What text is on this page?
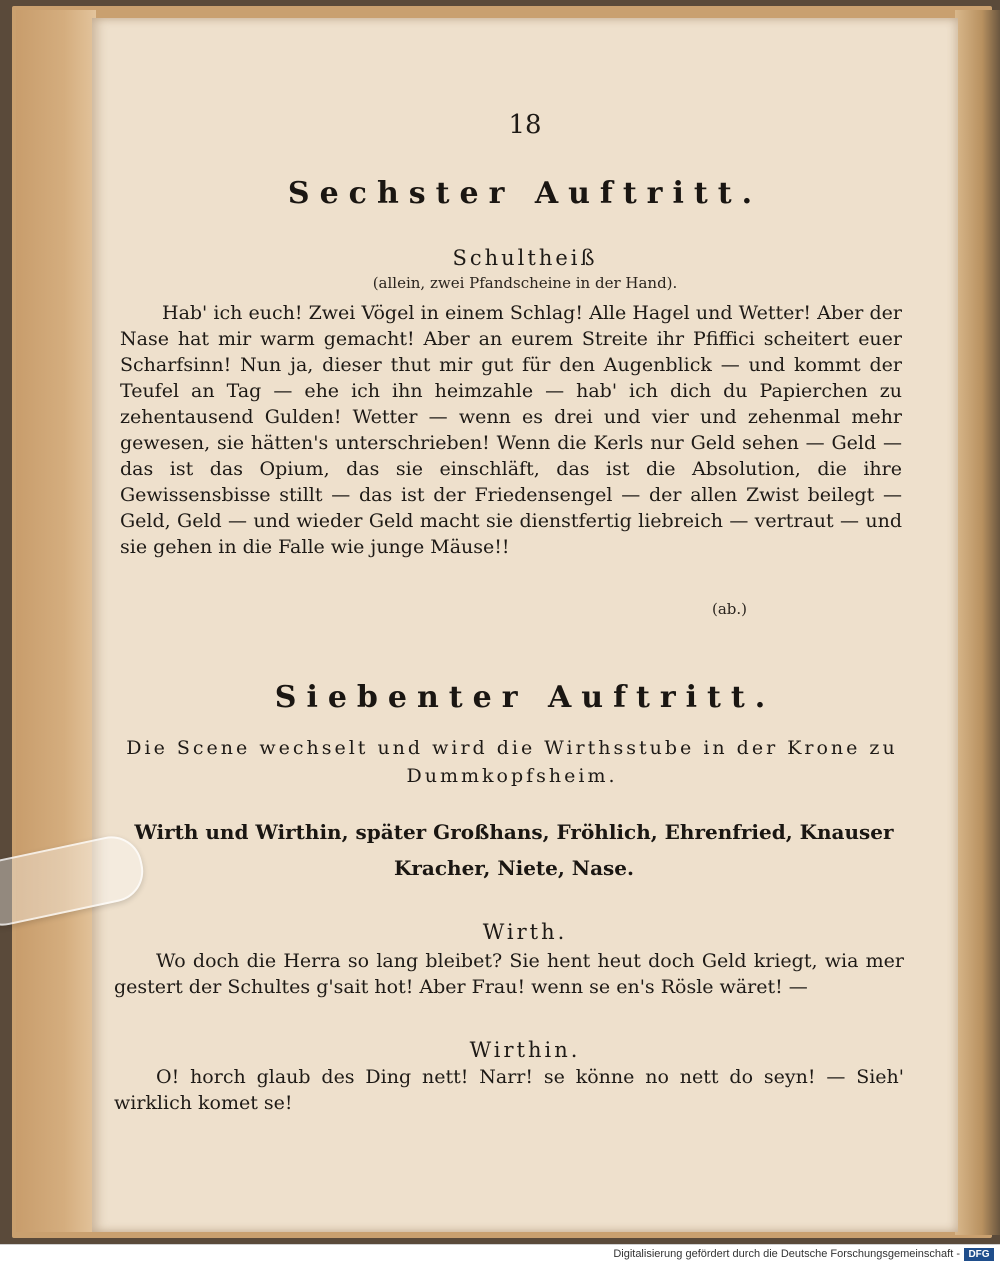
18
Sechster Auftritt.
Schultheiß
(allein, zwei Pfandscheine in der Hand).
Hab' ich euch! Zwei Vögel in einem Schlag! Alle Hagel und Wetter! Aber der Nase hat mir warm gemacht! Aber an eurem Streite ihr Pfiffici scheitert euer Scharfsinn! Nun ja, dieser thut mir gut für den Augenblick — und kommt der Teufel an Tag — ehe ich ihn heimzahle — hab' ich dich du Papierchen zu zehentausend Gulden! Wetter — wenn es drei und vier und zehenmal mehr gewesen, sie hätten's unterschrieben! Wenn die Kerls nur Geld sehen — Geld — das ist das Opium, das sie einschläft, das ist die Absolution, die ihre Gewissensbisse stillt — das ist der Friedensengel — der allen Zwist beilegt — Geld, Geld — und wieder Geld macht sie dienstfertig liebreich — vertraut — und sie gehen in die Falle wie junge Mäuse!!
(ab.)
Siebenter Auftritt.
Die Scene wechselt und wird die Wirthsstube in der Krone zu Dummkopfsheim.
Wirth und Wirthin, später Großhans, Fröhlich, Ehrenfried, Knauser Kracher, Niete, Nase.
Wirth.
Wo doch die Herra so lang bleibet? Sie hent heut doch Geld kriegt, wia mer gestert der Schultes g'sait hot! Aber Frau! wenn se en's Rösle wäret! —
Wirthin.
O! horch glaub des Ding nett! Narr! se könne no nett do seyn! — Sieh' wirklich komet se!
Digitalisierung gefördert durch die Deutsche Forschungsgemeinschaft - DFG
